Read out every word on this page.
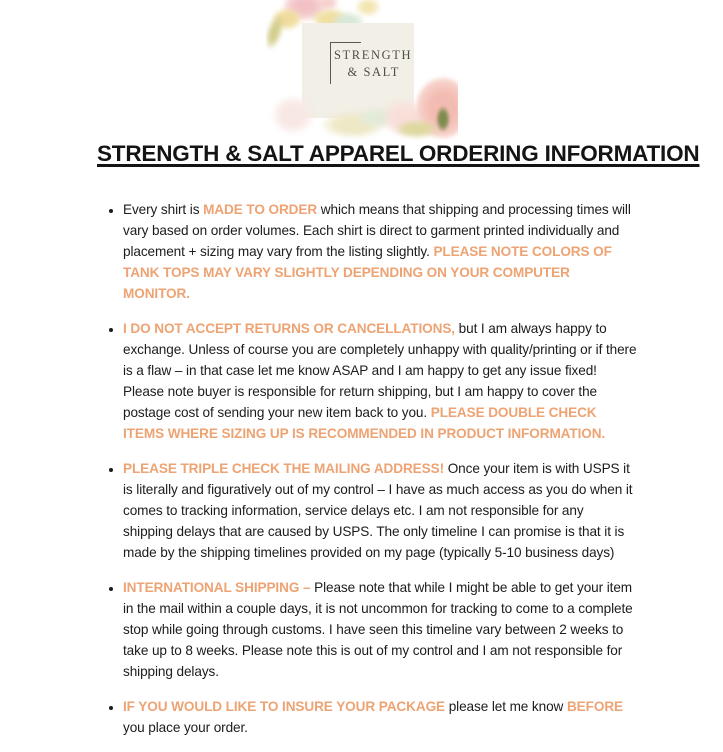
STRENGTH
& SALT
STRENGTH & SALT APPAREL ORDERING INFORMATION
• Every shirt is MADE TO ORDER which means that shipping and processing times will vary based on order volumes. Each shirt is direct to garment printed individually and placement + sizing may vary from the listing slightly. PLEASE NOTE COLORS OF TANK TOPS MAY VARY SLIGHTLY DEPENDING ON YOUR COMPUTER MONITOR.
• I DO NOT ACCEPT RETURNS OR CANCELLATIONS, but I am always happy to exchange. Unless of course you are completely unhappy with quality/printing or if there is a flaw – in that case let me know ASAP and I am happy to get any issue fixed! Please note buyer is responsible for return shipping, but I am happy to cover the postage cost of sending your new item back to you. PLEASE DOUBLE CHECK ITEMS WHERE SIZING UP IS RECOMMENDED IN PRODUCT INFORMATION.
• PLEASE TRIPLE CHECK THE MAILING ADDRESS! Once your item is with USPS it is literally and figuratively out of my control – I have as much access as you do when it comes to tracking information, service delays etc. I am not responsible for any shipping delays that are caused by USPS. The only timeline I can promise is that it is made by the shipping timelines provided on my page (typically 5-10 business days)
• INTERNATIONAL SHIPPING – Please note that while I might be able to get your item in the mail within a couple days, it is not uncommon for tracking to come to a complete stop while going through customs. I have seen this timeline vary between 2 weeks to take up to 8 weeks. Please note this is out of my control and I am not responsible for shipping delays.
• IF YOU WOULD LIKE TO INSURE YOUR PACKAGE please let me know BEFORE you place your order.
